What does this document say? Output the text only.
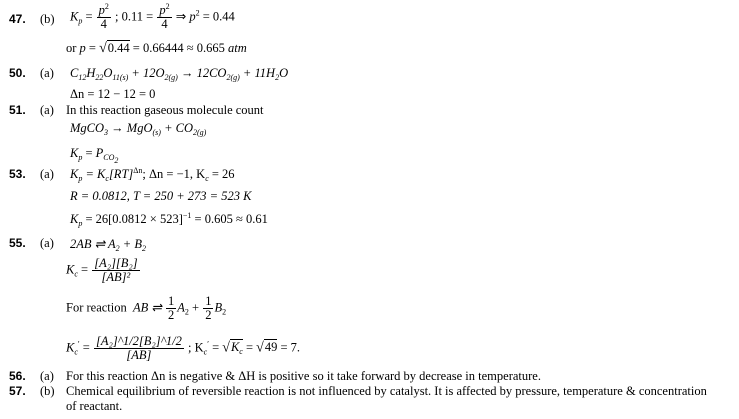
47. (b) $K_p = \frac{p^2}{4}$ ; $0.11 = \frac{p^2}{4}$ ⇒ $p^2 = 0.44$
or p = √0.44 = 0.66444 ≈ 0.665 atm
50. (a) $C_{12}H_{22}O_{11(s)} + 12O_{2(g)} \to 12CO_{2(g)} + 11H_2O$
Δn = 12 − 12 = 0
51. (a) In this reaction gaseous molecule count
MgCO$_3$ → $MgO_{(s)} + CO_{2(g)}$
$K_p = P_{CO_2}$
53. (a) $K_p = K_c[RT]^{\Delta n}$; Δn = −1, $K_c = 26$
R = 0.0812, T = 250 + 273 = 523 K
$K_p = 26[0.0812 \times 523]^{-1} = 0.605 \approx 0.61$
55. (a) 2AB ⇌ $A_2 + B_2$
$K_c = \frac{\text{[A₂][B₂]}}{\text{[AB]²}}$
For reaction AB ⇌ $\frac{1}{2} A_2 + \frac{1}{2} B_2$
$K_c' = \frac{\text{[A₂]\textasciicircum{}1/2[B₂]\textasciicircum{}1/2}}{[AB]}$ ; $K_c' = √K_c = √49 = 7$.
56. (a) For this reaction Δn is negative & ΔH is positive so it take forward by decrease in temperature.
57. (b) Chemical equilibrium of reversible reaction is not influenced by catalyst. It is affected by pressure, temperature & concentration
of reactant.
